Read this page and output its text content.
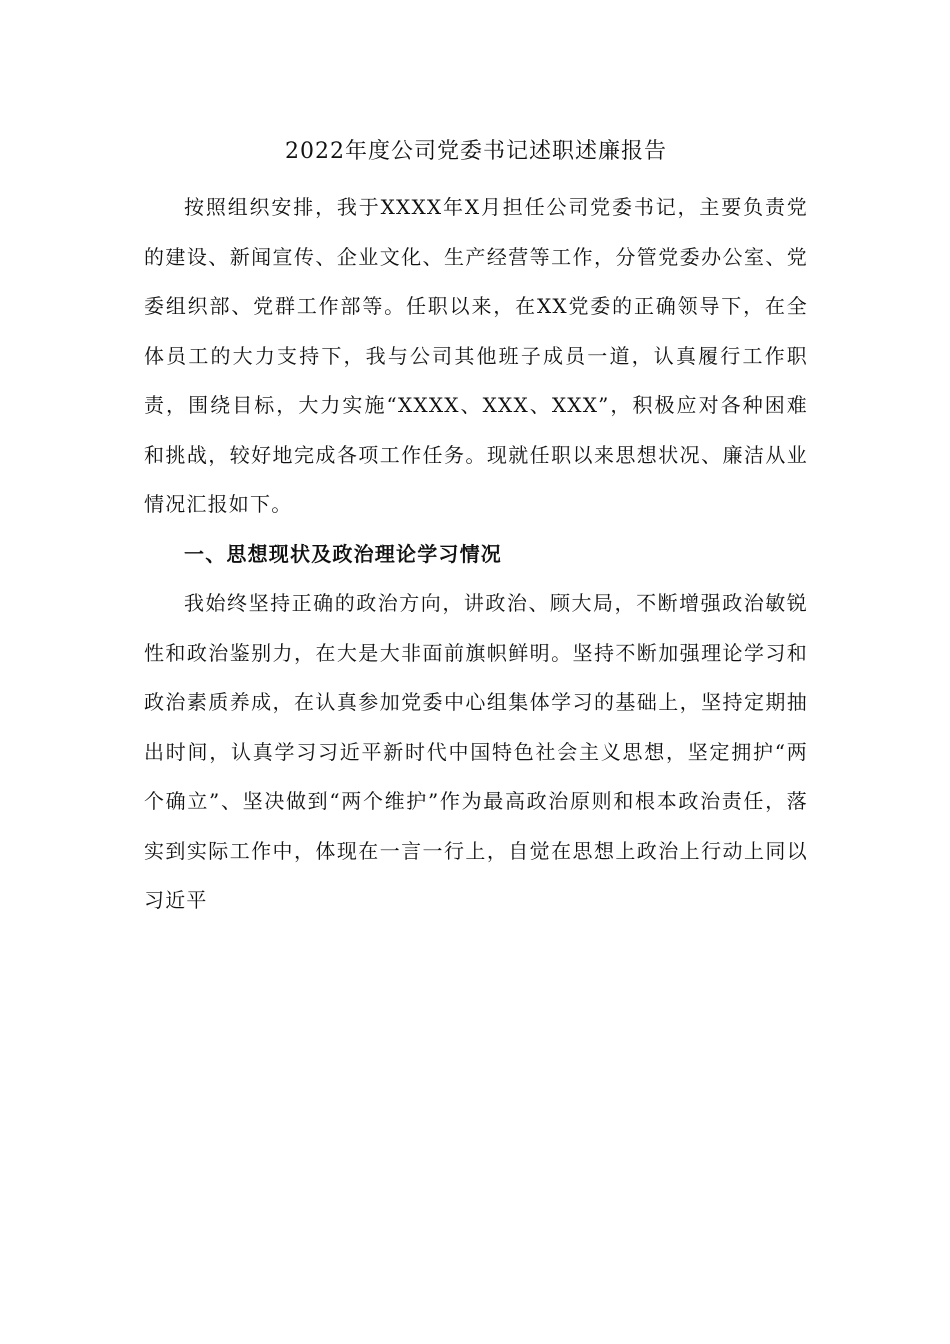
2022年度公司党委书记述职述廉报告

按照组织安排，我于XXXX年X月担任公司党委书记，主要负责党的建设、新闻宣传、企业文化、生产经营等工作，分管党委办公室、党委组织部、党群工作部等。任职以来，在XX党委的正确领导下，在全体员工的大力支持下，我与公司其他班子成员一道，认真履行工作职责，围绕目标，大力实施“XXXX、XXX、XXX”，积极应对各种困难和挑战，较好地完成各项工作任务。现就任职以来思想状况、廉洁从业情况汇报如下。

一、思想现状及政治理论学习情况

我始终坚持正确的政治方向，讲政治、顾大局，不断增强政治敏锐性和政治鉴别力，在大是大非面前旗帜鲜明。坚持不断加强理论学习和政治素质养成，在认真参加党委中心组集体学习的基础上，坚持定期抽出时间，认真学习习近平新时代中国特色社会主义思想，坚定拥护“两个确立”、坚决做到“两个维护”作为最高政治原则和根本政治责任，落实到实际工作中，体现在一言一行上，自觉在思想上政治上行动上同以习近平
